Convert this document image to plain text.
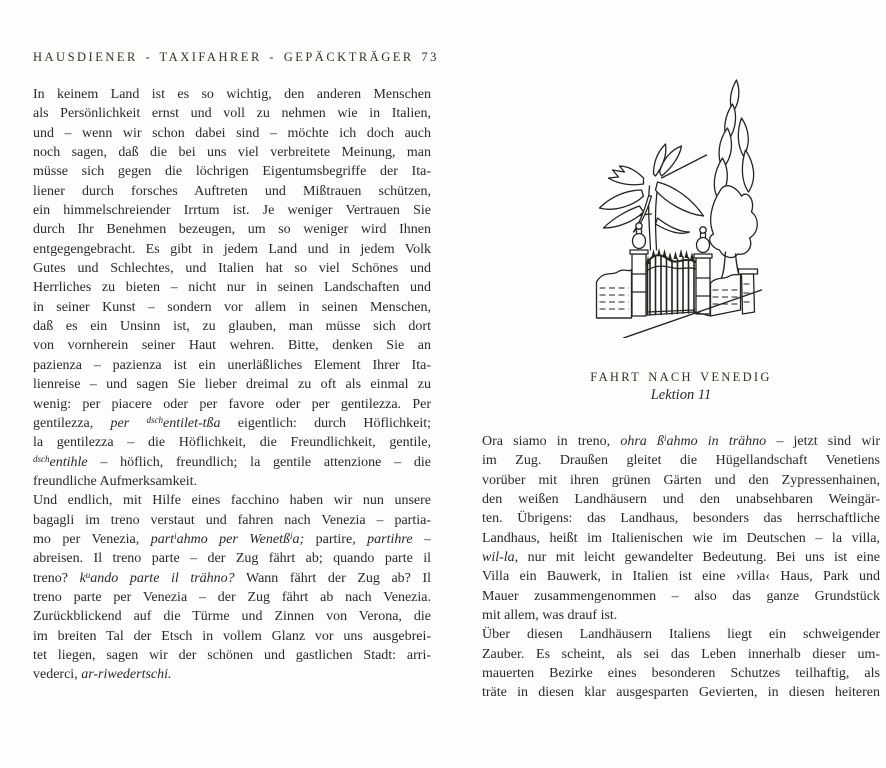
HAUSDIENER - TAXIFAHRER - GEPÄCKTRÄGER 73
In keinem Land ist es so wichtig, den anderen Menschen
als Persönlichkeit ernst und voll zu nehmen wie in Italien,
und – wenn wir schon dabei sind – möchte ich doch auch
noch sagen, daß die bei uns viel verbreitete Meinung, man
müsse sich gegen die löchrigen Eigentumsbegriffe der Ita-
liener durch forsches Auftreten und Mißtrauen schützen,
ein himmelschreiender Irrtum ist. Je weniger Vertrauen Sie
durch Ihr Benehmen bezeugen, um so weniger wird Ihnen
entgegengebracht. Es gibt in jedem Land und in jedem Volk
Gutes und Schlechtes, und Italien hat so viel Schönes und
Herrliches zu bieten – nicht nur in seinen Landschaften und
in seiner Kunst – sondern vor allem in seinen Menschen,
daß es ein Unsinn ist, zu glauben, man müsse sich dort
von vornherein seiner Haut wehren. Bitte, denken Sie an
pazienza – pazienza ist ein unerläßliches Element Ihrer Ita-
lienreise – und sagen Sie lieber dreimal zu oft als einmal zu
wenig: per piacere oder per favore oder per gentilezza. Per
gentilezza, per $^{dsch}$entilet-tßa eigentlich: durch Höflichkeit;
la gentilezza – die Höflichkeit, die Freundlichkeit, gentile,
$^{dsch}$entihle – höflich, freundlich; la gentile attenzione – die
freundliche Aufmerksamkeit.
Und endlich, mit Hilfe eines facchino haben wir nun unsere
bagagli im treno verstaut und fahren nach Venezia – partia-
mo per Venezia, part$^i$ahmo per Wenetß$^i$a; partire, partihre –
abreisen. Il treno parte – der Zug fährt ab; quando parte il
treno? $k^uando$ parte il trähno? Wann fährt der Zug ab? Il
treno parte per Venezia – der Zug fährt ab nach Venezia.
Zurückblickend auf die Türme und Zinnen von Verona, die
im breiten Tal der Etsch in vollem Glanz vor uns ausgebrei-
tet liegen, sagen wir der schönen und gastlichen Stadt: arri-
vederci, ar-riwedertschi.
FAHRT NACH VENEDIG
Lektion 11
Ora siamo in treno, ohra $ß^iahmo$ in trähno – jetzt sind wir
im Zug. Draußen gleitet die Hügellandschaft Venetiens
vorüber mit ihren grünen Gärten und den Zypressenhainen,
den weißen Landhäusern und den unabsehbaren Weingär-
ten. Übrigens: das Landhaus, besonders das herrschaftliche
Landhaus, heißt im Italienischen wie im Deutschen – la villa,
wil-la, nur mit leicht gewandelter Bedeutung. Bei uns ist eine
Villa ein Bauwerk, in Italien ist eine ›villa‹ Haus, Park und
Mauer zusammengenommen – also das ganze Grundstück
mit allem, was drauf ist.
Über diesen Landhäusern Italiens liegt ein schweigender
Zauber. Es scheint, als sei das Leben innerhalb dieser um-
mauerten Bezirke eines besonderen Schutzes teilhaftig, als
träte in diesen klar ausgesparten Gevierten, in diesen heiteren
